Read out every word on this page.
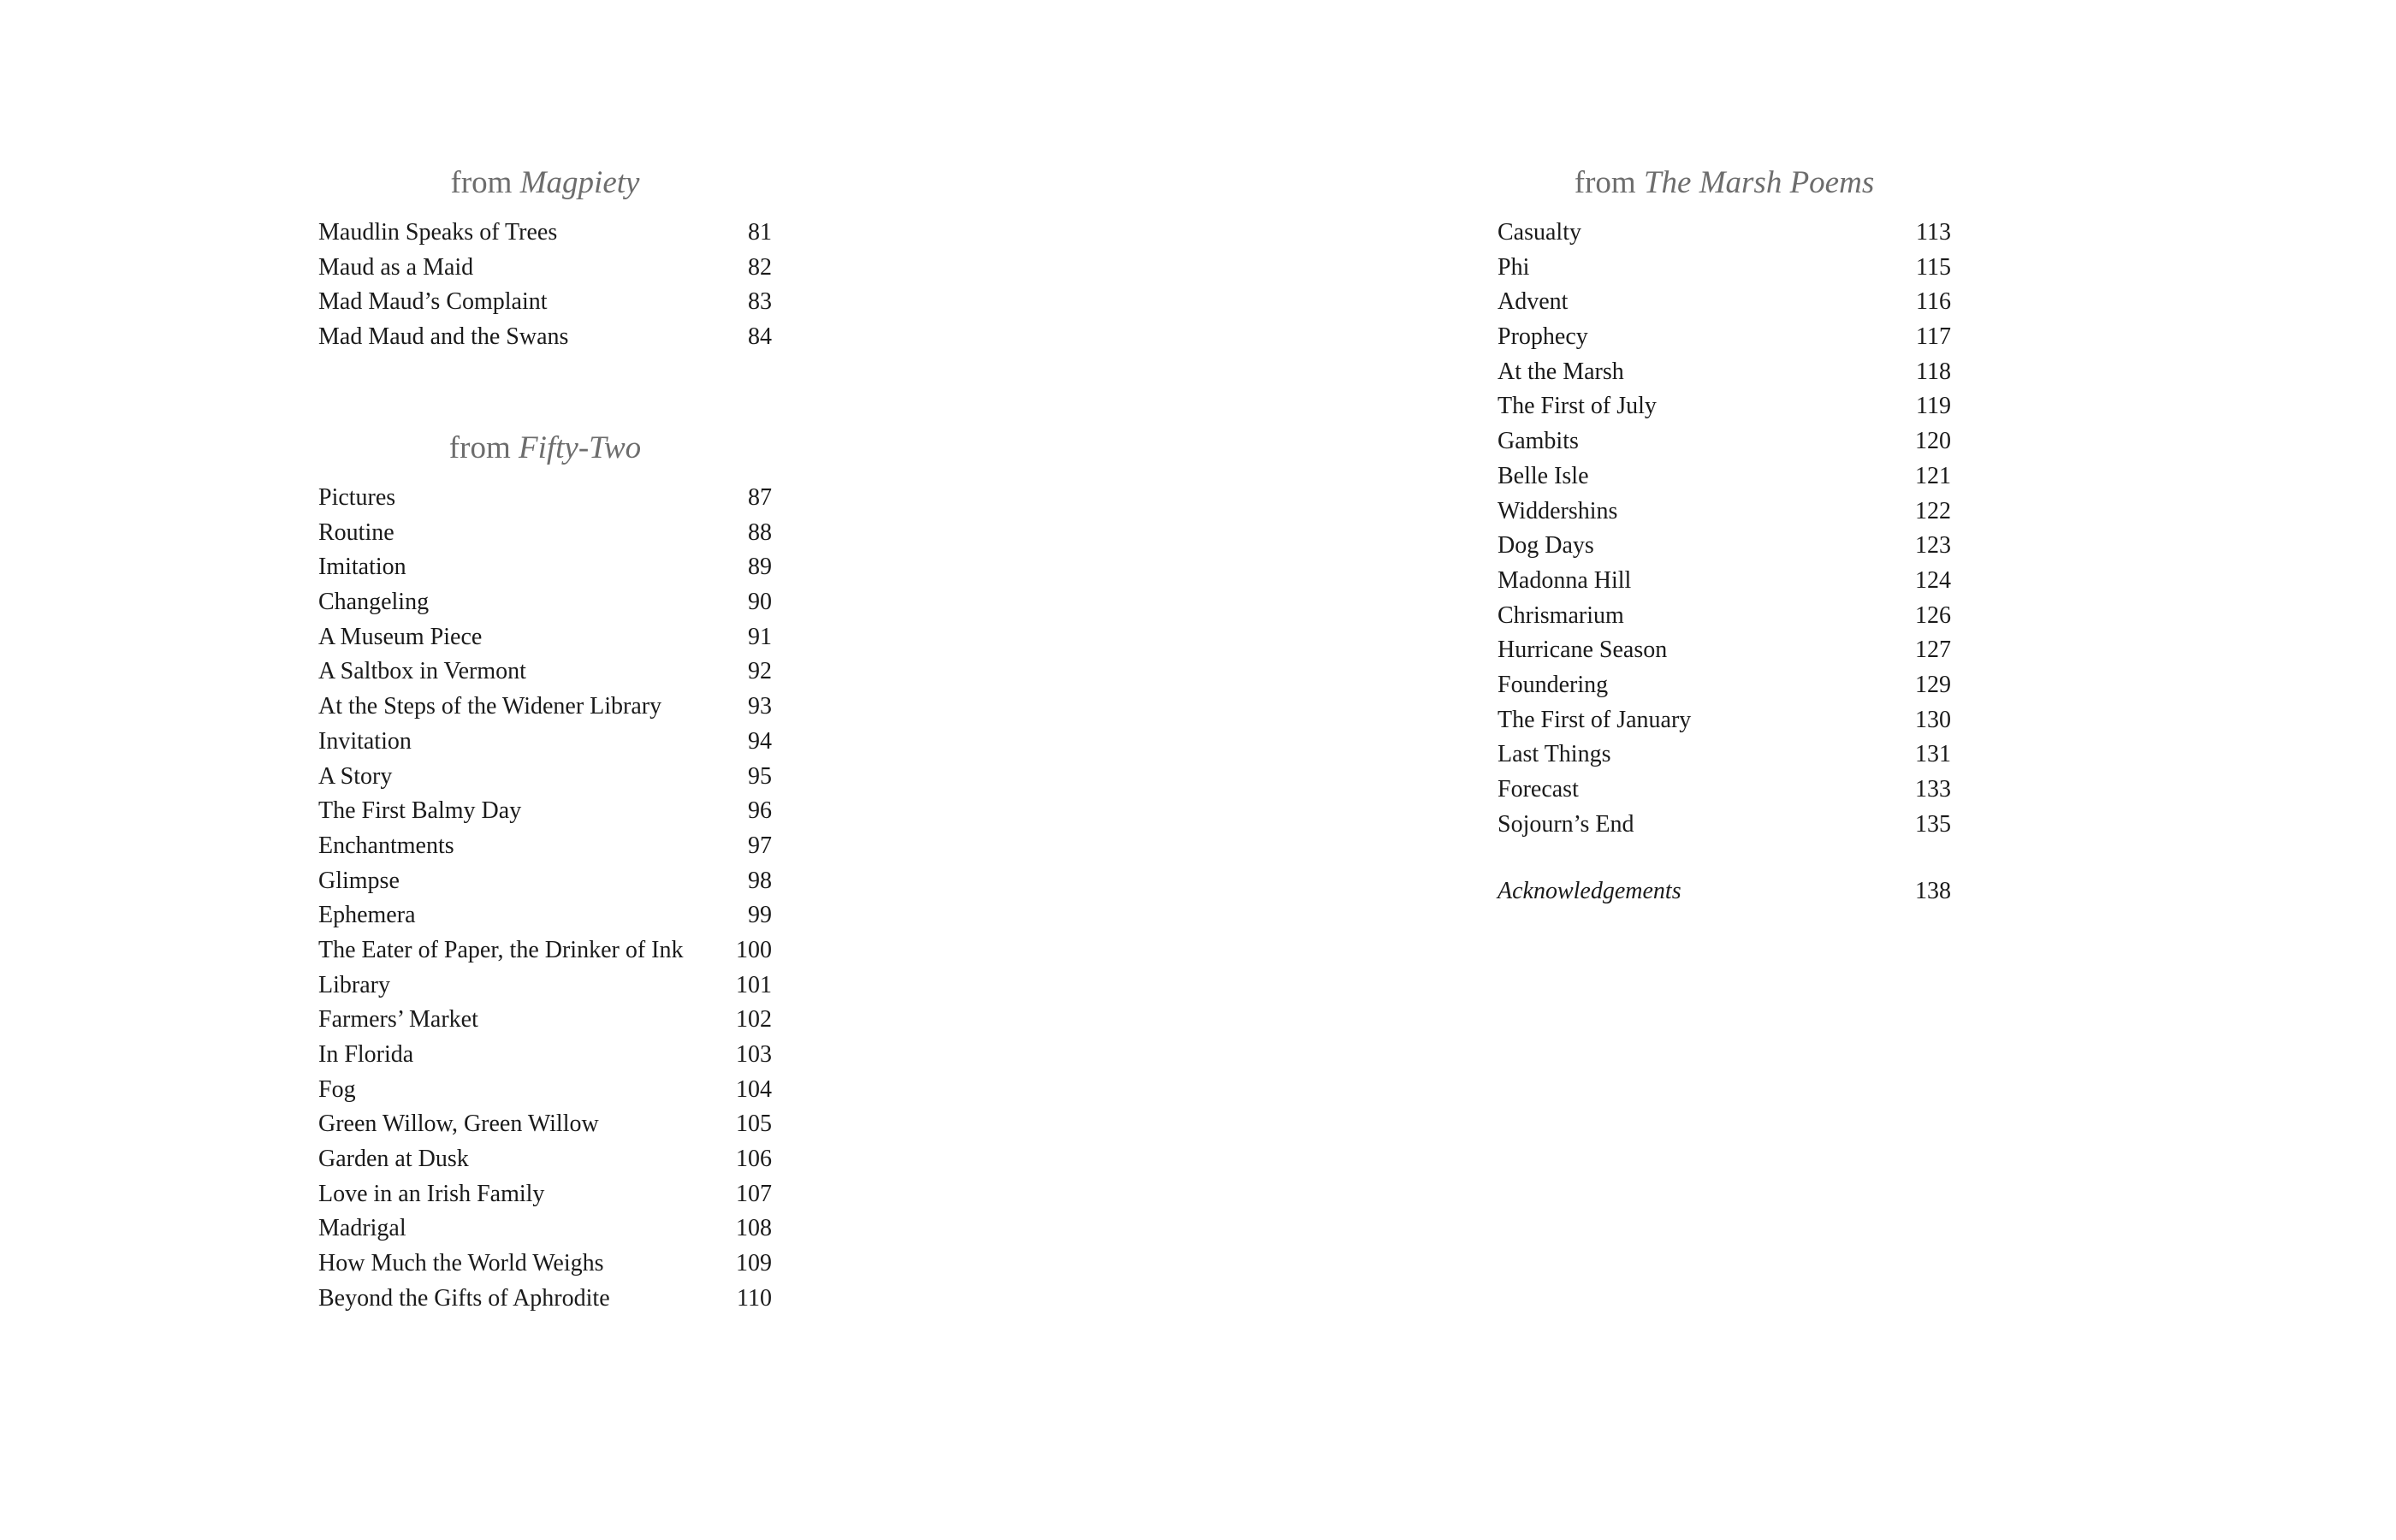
from Magpiety
Maudlin Speaks of Trees	81
Maud as a Maid	82
Mad Maud’s Complaint	83
Mad Maud and the Swans	84
from Fifty-Two
Pictures	87
Routine	88
Imitation	89
Changeling	90
A Museum Piece	91
A Saltbox in Vermont	92
At the Steps of the Widener Library	93
Invitation	94
A Story	95
The First Balmy Day	96
Enchantments	97
Glimpse	98
Ephemera	99
The Eater of Paper, the Drinker of Ink 100
Library	101
Farmers’ Market	102
In Florida	103
Fog	104
Green Willow, Green Willow	105
Garden at Dusk	106
Love in an Irish Family	107
Madrigal	108
How Much the World Weighs	109
Beyond the Gifts of Aphrodite	110
from The Marsh Poems
Casualty	113
Phi	115
Advent	116
Prophecy	117
At the Marsh	118
The First of July	119
Gambits	120
Belle Isle	121
Widdershins	122
Dog Days	123
Madonna Hill	124
Chrismarium	126
Hurricane Season	127
Foundering	129
The First of January	130
Last Things	131
Forecast	133
Sojourn’s End	135
Acknowledgements	138
